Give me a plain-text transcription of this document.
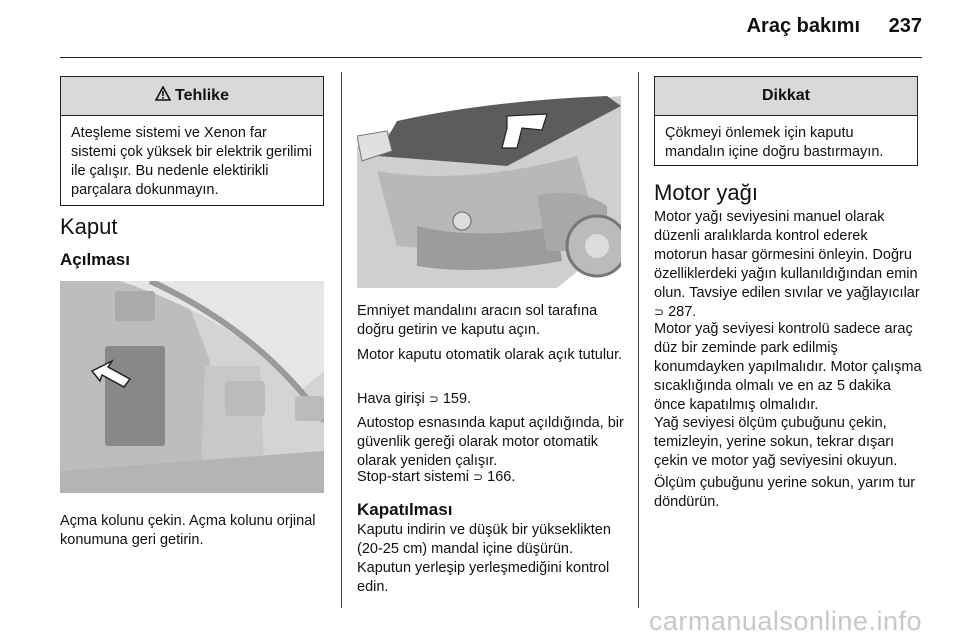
Araç bakımı 237
Tehlike
Ateşleme sistemi ve Xenon far sistemi çok yüksek bir elektrik gerilimi ile çalışır. Bu nedenle elektirikli parçalara dokunmayın.
Kaput
Açılması
Açma kolunu çekin. Açma kolunu orjinal konumuna geri getirin.
Emniyet mandalını aracın sol tarafına doğru getirin ve kaputu açın.
Motor kaputu otomatik olarak açık tutulur.
Hava girişi ⊃ 159.
Autostop esnasında kaput açıldığında, bir güvenlik gereği olarak motor otomatik olarak yeniden çalışır.
Stop-start sistemi ⊃ 166.
Kapatılması
Kaputu indirin ve düşük bir yükseklikten (20-25 cm) mandal içine düşürün. Kaputun yerleşip yerleşmediğini kontrol edin.
Dikkat
Çökmeyi önlemek için kaputu mandalın içine doğru bastırmayın.
Motor yağı
Motor yağı seviyesini manuel olarak düzenli aralıklarda kontrol ederek motorun hasar görmesini önleyin. Doğru özelliklerdeki yağın kullanıldığından emin olun. Tavsiye edilen sıvılar ve yağlayıcılar ⊃ 287.
Motor yağ seviyesi kontrolü sadece araç düz bir zeminde park edilmiş konumdayken yapılmalıdır. Motor çalışma sıcaklığında olmalı ve en az 5 dakika önce kapatılmış olmalıdır.
Yağ seviyesi ölçüm çubuğunu çekin, temizleyin, yerine sokun, tekrar dışarı çekin ve motor yağ seviyesini okuyun.
Ölçüm çubuğunu yerine sokun, yarım tur döndürün.
carmanualsonline.info
